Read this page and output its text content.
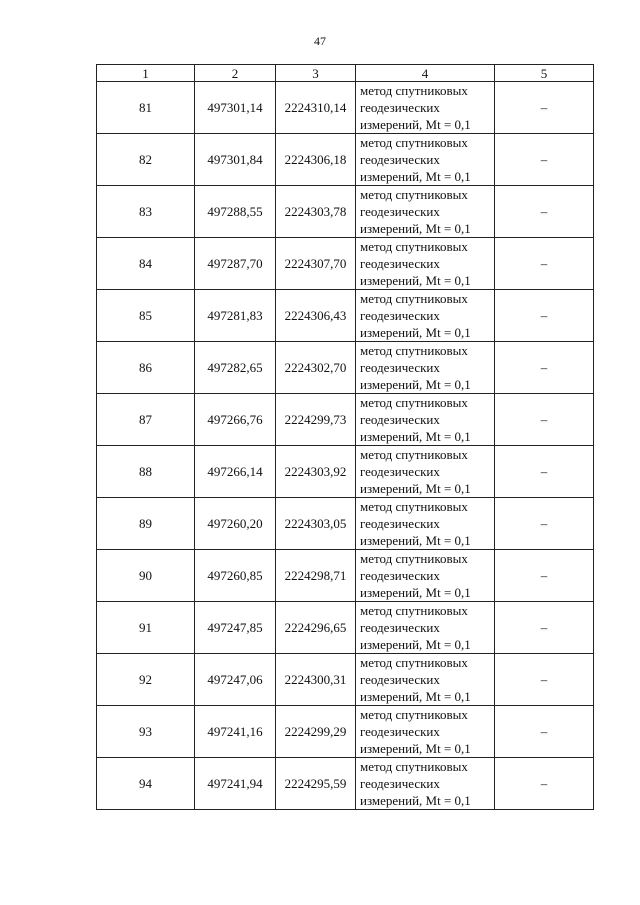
47
1	2	3	4	5
81	497301,14	2224310,14	метод спутниковых
геодезических
измерений, Mt = 0,1	–
82	497301,84	2224306,18	метод спутниковых
геодезических
измерений, Mt = 0,1	–
83	497288,55	2224303,78	метод спутниковых
геодезических
измерений, Mt = 0,1	–
84	497287,70	2224307,70	метод спутниковых
геодезических
измерений, Mt = 0,1	–
85	497281,83	2224306,43	метод спутниковых
геодезических
измерений, Mt = 0,1	–
86	497282,65	2224302,70	метод спутниковых
геодезических
измерений, Mt = 0,1	–
87	497266,76	2224299,73	метод спутниковых
геодезических
измерений, Mt = 0,1	–
88	497266,14	2224303,92	метод спутниковых
геодезических
измерений, Mt = 0,1	–
89	497260,20	2224303,05	метод спутниковых
геодезических
измерений, Mt = 0,1	–
90	497260,85	2224298,71	метод спутниковых
геодезических
измерений, Mt = 0,1	–
91	497247,85	2224296,65	метод спутниковых
геодезических
измерений, Mt = 0,1	–
92	497247,06	2224300,31	метод спутниковых
геодезических
измерений, Mt = 0,1	–
93	497241,16	2224299,29	метод спутниковых
геодезических
измерений, Mt = 0,1	–
94	497241,94	2224295,59	метод спутниковых
геодезических
измерений, Mt = 0,1	–
